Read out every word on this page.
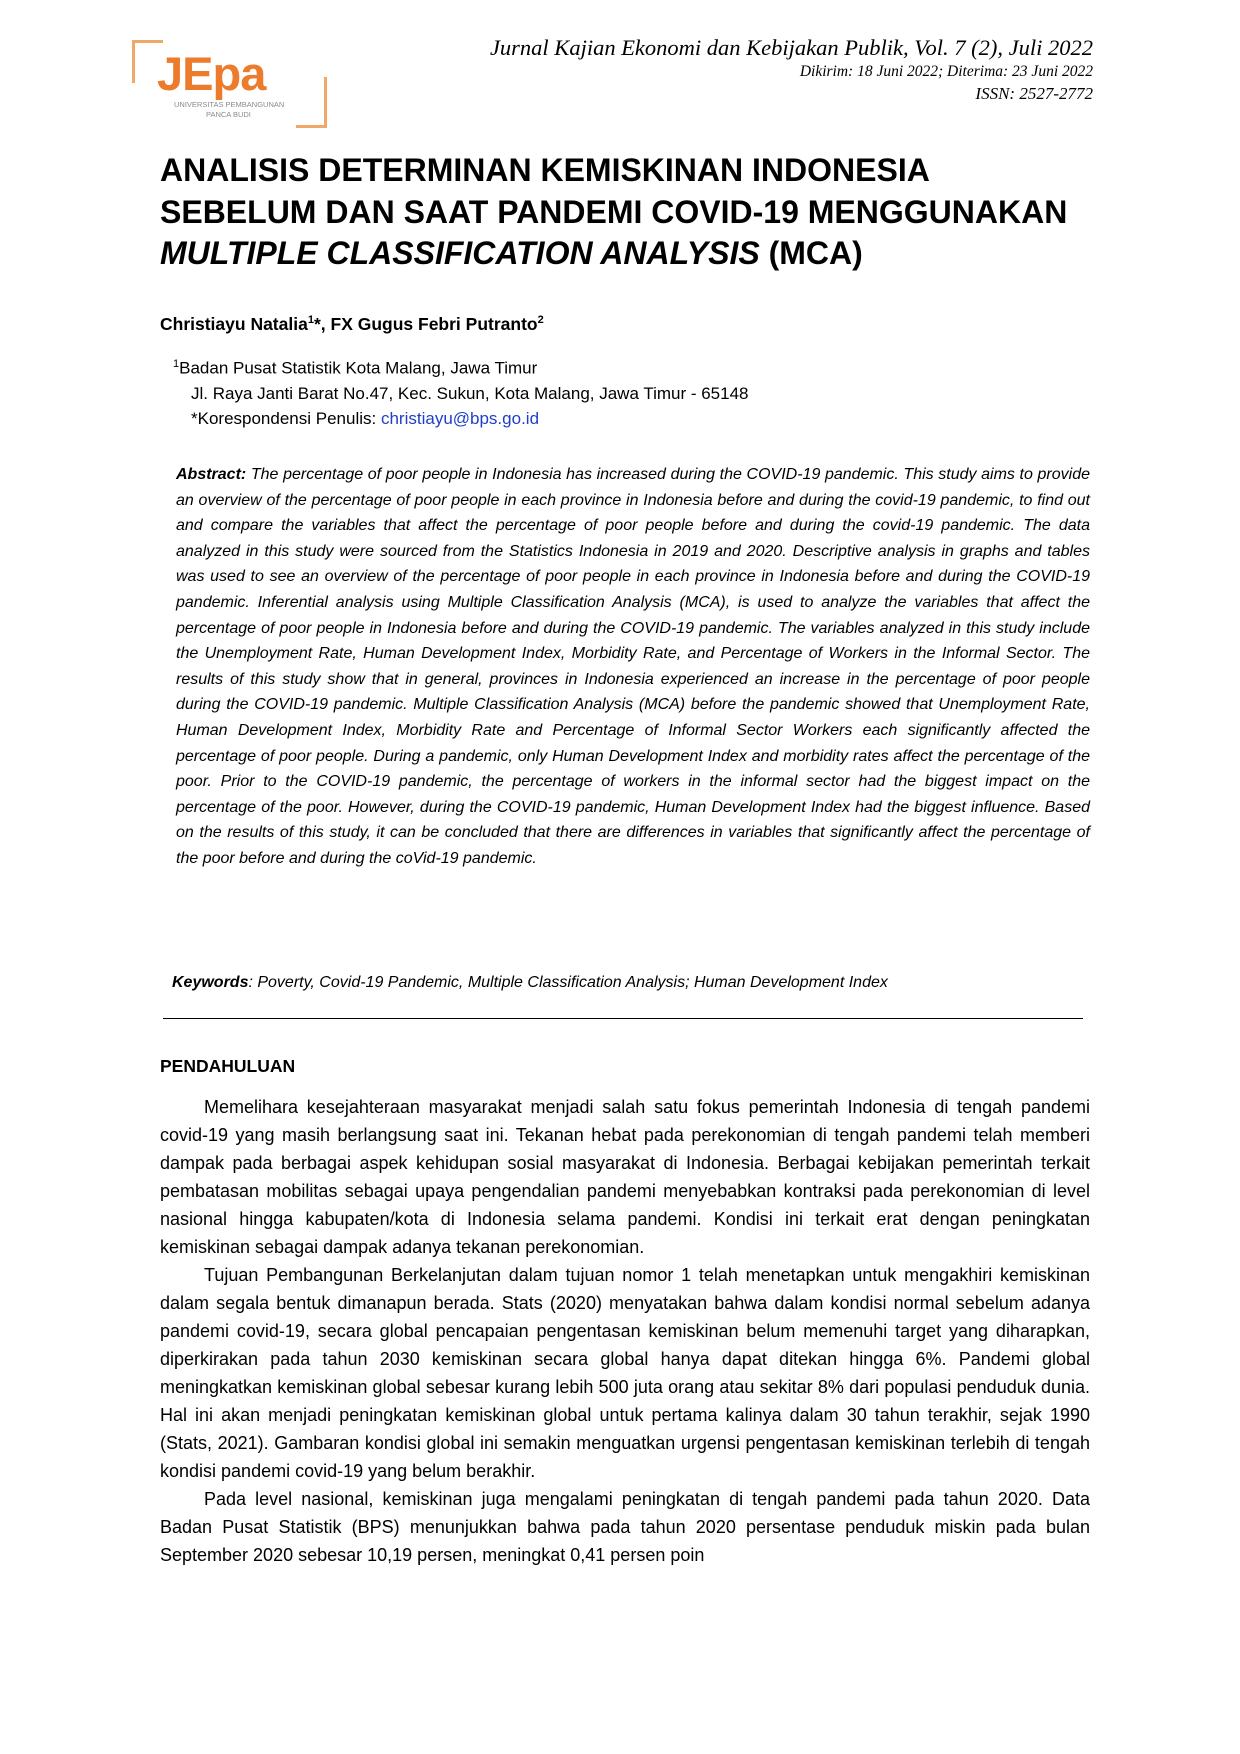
JEpa
UNIVERSITAS PEMBANGUNAN
PANCA BUDI
Jurnal Kajian Ekonomi dan Kebijakan Publik, Vol. 7 (2), Juli 2022
Dikirim: 18 Juni 2022; Diterima: 23 Juni 2022
ISSN: 2527-2772
ANALISIS DETERMINAN KEMISKINAN INDONESIA SEBELUM DAN SAAT PANDEMI COVID-19 MENGGUNAKAN MULTIPLE CLASSIFICATION ANALYSIS (MCA)
Christiayu Natalia$^1$*, FX Gugus Febri Putranto$^2$
$^1$Badan Pusat Statistik Kota Malang, Jawa Timur
Jl. Raya Janti Barat No.47, Kec. Sukun, Kota Malang, Jawa Timur - 65148
*Korespondensi Penulis: christiayu@bps.go.id
Abstract: The percentage of poor people in Indonesia has increased during the COVID-19 pandemic. This study aims to provide an overview of the percentage of poor people in each province in Indonesia before and during the covid-19 pandemic, to find out and compare the variables that affect the percentage of poor people before and during the covid-19 pandemic. The data analyzed in this study were sourced from the Statistics Indonesia in 2019 and 2020. Descriptive analysis in graphs and tables was used to see an overview of the percentage of poor people in each province in Indonesia before and during the COVID-19 pandemic. Inferential analysis using Multiple Classification Analysis (MCA), is used to analyze the variables that affect the percentage of poor people in Indonesia before and during the COVID-19 pandemic. The variables analyzed in this study include the Unemployment Rate, Human Development Index, Morbidity Rate, and Percentage of Workers in the Informal Sector. The results of this study show that in general, provinces in Indonesia experienced an increase in the percentage of poor people during the COVID-19 pandemic. Multiple Classification Analysis (MCA) before the pandemic showed that Unemployment Rate, Human Development Index, Morbidity Rate and Percentage of Informal Sector Workers each significantly affected the percentage of poor people. During a pandemic, only Human Development Index and morbidity rates affect the percentage of the poor. Prior to the COVID-19 pandemic, the percentage of workers in the informal sector had the biggest impact on the percentage of the poor. However, during the COVID-19 pandemic, Human Development Index had the biggest influence. Based on the results of this study, it can be concluded that there are differences in variables that significantly affect the percentage of the poor before and during the coVid-19 pandemic.
Keywords: Poverty, Covid-19 Pandemic, Multiple Classification Analysis; Human Development Index
PENDAHULUAN

Memelihara kesejahteraan masyarakat menjadi salah satu fokus pemerintah Indonesia di tengah pandemi covid-19 yang masih berlangsung saat ini. Tekanan hebat pada perekonomian di tengah pandemi telah memberi dampak pada berbagai aspek kehidupan sosial masyarakat di Indonesia. Berbagai kebijakan pemerintah terkait pembatasan mobilitas sebagai upaya pengendalian pandemi menyebabkan kontraksi pada perekonomian di level nasional hingga kabupaten/kota di Indonesia selama pandemi. Kondisi ini terkait erat dengan peningkatan kemiskinan sebagai dampak adanya tekanan perekonomian.

Tujuan Pembangunan Berkelanjutan dalam tujuan nomor 1 telah menetapkan untuk mengakhiri kemiskinan dalam segala bentuk dimanapun berada. Stats (2020) menyatakan bahwa dalam kondisi normal sebelum adanya pandemi covid-19, secara global pencapaian pengentasan kemiskinan belum memenuhi target yang diharapkan, diperkirakan pada tahun 2030 kemiskinan secara global hanya dapat ditekan hingga 6%. Pandemi global meningkatkan kemiskinan global sebesar kurang lebih 500 juta orang atau sekitar 8% dari populasi penduduk dunia. Hal ini akan menjadi peningkatan kemiskinan global untuk pertama kalinya dalam 30 tahun terakhir, sejak 1990 (Stats, 2021). Gambaran kondisi global ini semakin menguatkan urgensi pengentasan kemiskinan terlebih di tengah kondisi pandemi covid-19 yang belum berakhir.

Pada level nasional, kemiskinan juga mengalami peningkatan di tengah pandemi pada tahun 2020. Data Badan Pusat Statistik (BPS) menunjukkan bahwa pada tahun 2020 persentase penduduk miskin pada bulan September 2020 sebesar 10,19 persen, meningkat 0,41 persen poin
